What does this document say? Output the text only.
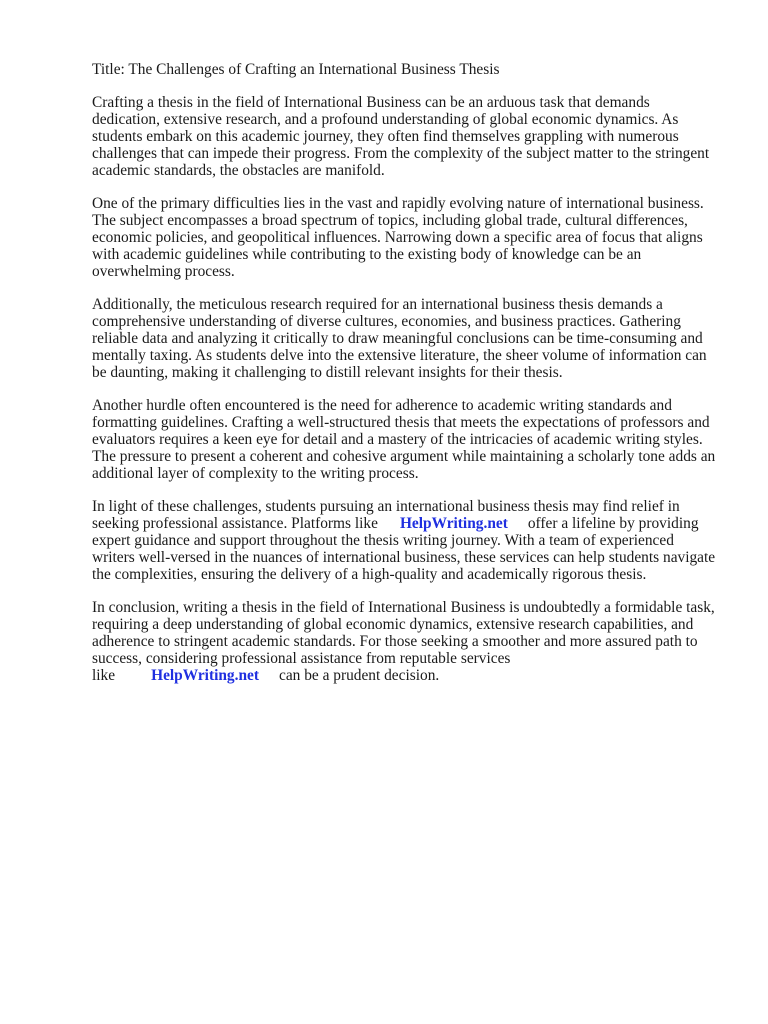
Title: The Challenges of Crafting an International Business Thesis

Crafting a thesis in the field of International Business can be an arduous task that demands dedication, extensive research, and a profound understanding of global economic dynamics. As students embark on this academic journey, they often find themselves grappling with numerous challenges that can impede their progress. From the complexity of the subject matter to the stringent academic standards, the obstacles are manifold.

One of the primary difficulties lies in the vast and rapidly evolving nature of international business. The subject encompasses a broad spectrum of topics, including global trade, cultural differences, economic policies, and geopolitical influences. Narrowing down a specific area of focus that aligns with academic guidelines while contributing to the existing body of knowledge can be an overwhelming process.

Additionally, the meticulous research required for an international business thesis demands a comprehensive understanding of diverse cultures, economies, and business practices. Gathering reliable data and analyzing it critically to draw meaningful conclusions can be time-consuming and mentally taxing. As students delve into the extensive literature, the sheer volume of information can be daunting, making it challenging to distill relevant insights for their thesis.

Another hurdle often encountered is the need for adherence to academic writing standards and formatting guidelines. Crafting a well-structured thesis that meets the expectations of professors and evaluators requires a keen eye for detail and a mastery of the intricacies of academic writing styles. The pressure to present a coherent and cohesive argument while maintaining a scholarly tone adds an additional layer of complexity to the writing process.

In light of these challenges, students pursuing an international business thesis may find relief in seeking professional assistance. Platforms like HelpWriting.net offer a lifeline by providing expert guidance and support throughout the thesis writing journey. With a team of experienced writers well-versed in the nuances of international business, these services can help students navigate the complexities, ensuring the delivery of a high-quality and academically rigorous thesis.

In conclusion, writing a thesis in the field of International Business is undoubtedly a formidable task, requiring a deep understanding of global economic dynamics, extensive research capabilities, and adherence to stringent academic standards. For those seeking a smoother and more assured path to success, considering professional assistance from reputable services like HelpWriting.net can be a prudent decision.
